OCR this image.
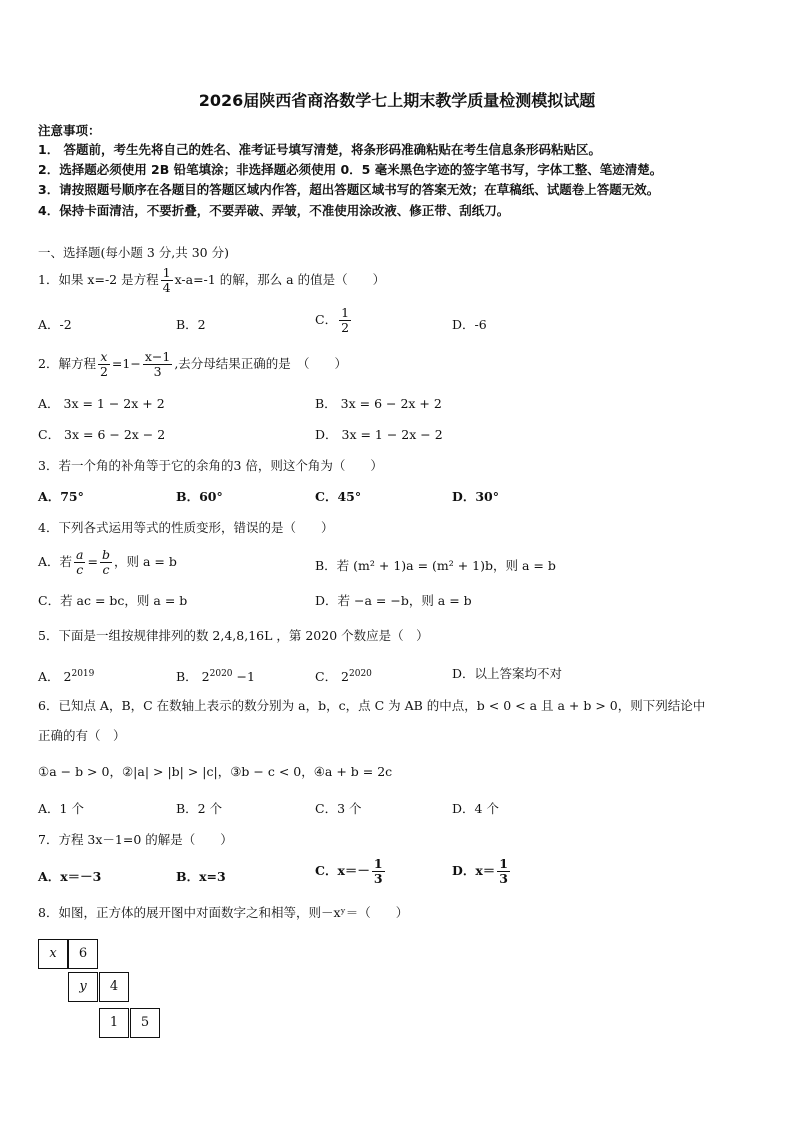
2026届陕西省商洛数学七上期末教学质量检测模拟试题
注意事项：
1． 答题前，考生先将自己的姓名、准考证号填写清楚，将条形码准确粘贴在考生信息条形码粘贴区。
2．选择题必须使用 2B 铅笔填涂；非选择题必须使用 0．5 毫米黑色字迹的签字笔书写，字体工整、笔迹清楚。
3．请按照题号顺序在各题目的答题区域内作答，超出答题区域书写的答案无效；在草稿纸、试题卷上答题无效。
4．保持卡面清洁，不要折叠，不要弄破、弄皱，不准使用涂改液、修正带、刮纸刀。
一、选择题(每小题 3 分,共 30 分)
1．如果 x=-2 是方程 $\frac{1}{4} x-a=-1$ 的解，那么 a 的值是（　　）
A．-2	B．2	C． $\frac{1}{2}$	D．-6
2．解方程 $\frac{x}{2} =1- \frac{x-1}{3}$ ,去分母结果正确的是　（　　）
A． 3x = 1 − 2x + 2	B． 3x = 6 − 2x + 2
C． 3x = 6 − 2x − 2	D． 3x = 1 − 2x − 2
3．若一个角的补角等于它的余角的3 倍，则这个角为（　　）
A．75°	B．60°	C．45°	D．30°
4．下列各式运用等式的性质变形，错误的是（　　）
A．若 $\frac{a}{c} = \frac{b}{c}$ ，则 a = b	B．若 (m² + 1)a = (m² + 1)b，则 a = b
C．若 ac = bc，则 a = b	D．若 −a = −b，则 a = b
5．下面是一组按规律排列的数 2,4,8,16L ，第 2020 个数应是（　）
A． $2^{2019}$	B． $2^{2020} -1$	C． $2^{2020}$	D．以上答案均不对
6．已知点 A，B，C 在数轴上表示的数分别为 a，b，c，点 C 为 AB 的中点，b < 0 < a 且 a + b > 0，则下列结论中
正确的有（　）
①a − b > 0，②|a| > |b| > |c|，③b − c < 0，④a + b = 2c
A．1 个	B．2 个	C．3 个	D．4 个
7．方程 3x－1=0 的解是（　　）
A．x＝－3	B．x=3	C．$x=- \frac{1}{3}$	D．$x= \frac{1}{3}$
8．如图，正方体的展开图中对面数字之和相等，则－xʸ＝（　　）
x	6
y	4
1	5
